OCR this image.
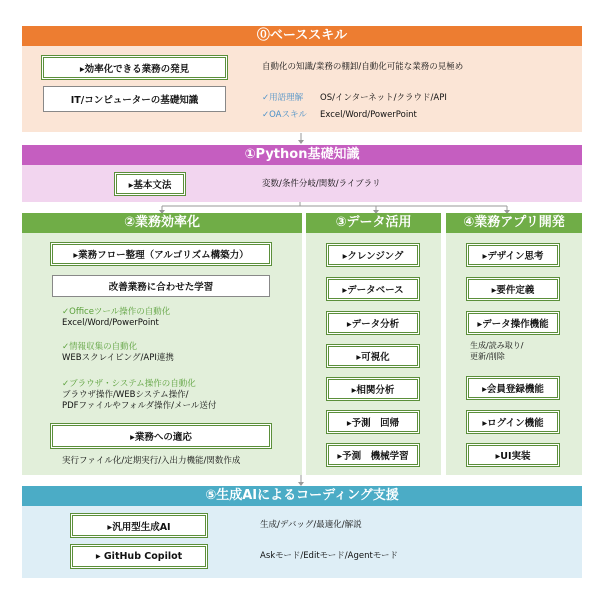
⓪ベーススキル
▸効率化できる業務の発見	自動化の知識/業務の棚卸/自動化可能な業務の見極め
IT/コンピューターの基礎知識	✓用語理解 OS/インターネット/クラウド/API
✓OAスキル Excel/Word/PowerPoint
①Python基礎知識
▸基本文法	変数/条件分岐/関数/ライブラリ
②業務効率化
▸業務フロー整理（アルゴリズム構築力）
改善業務に合わせた学習
✓Officeツール操作の自動化
Excel/Word/PowerPoint
✓情報収集の自動化
WEBスクレイピング/API連携
✓ブラウザ・システム操作の自動化
ブラウザ操作/WEBシステム操作/
PDFファイルやフォルダ操作/メール送付
▸業務への適応
実行ファイル化/定期実行/入出力機能/関数作成
③データ活用
▸クレンジング
▸データベース
▸データ分析
▸可視化
▸相関分析
▸予測　回帰
▸予測　機械学習
④業務アプリ開発
▸デザイン思考
▸要件定義
▸データ操作機能
生成/読み取り/
更新/削除
▸会員登録機能
▸ログイン機能
▸UI実装
⑤生成AIによるコーディング支援
▸汎用型生成AI	生成/デバッグ/最適化/解説
▸ GitHub Copilot	Askモード/Editモード/Agentモード
